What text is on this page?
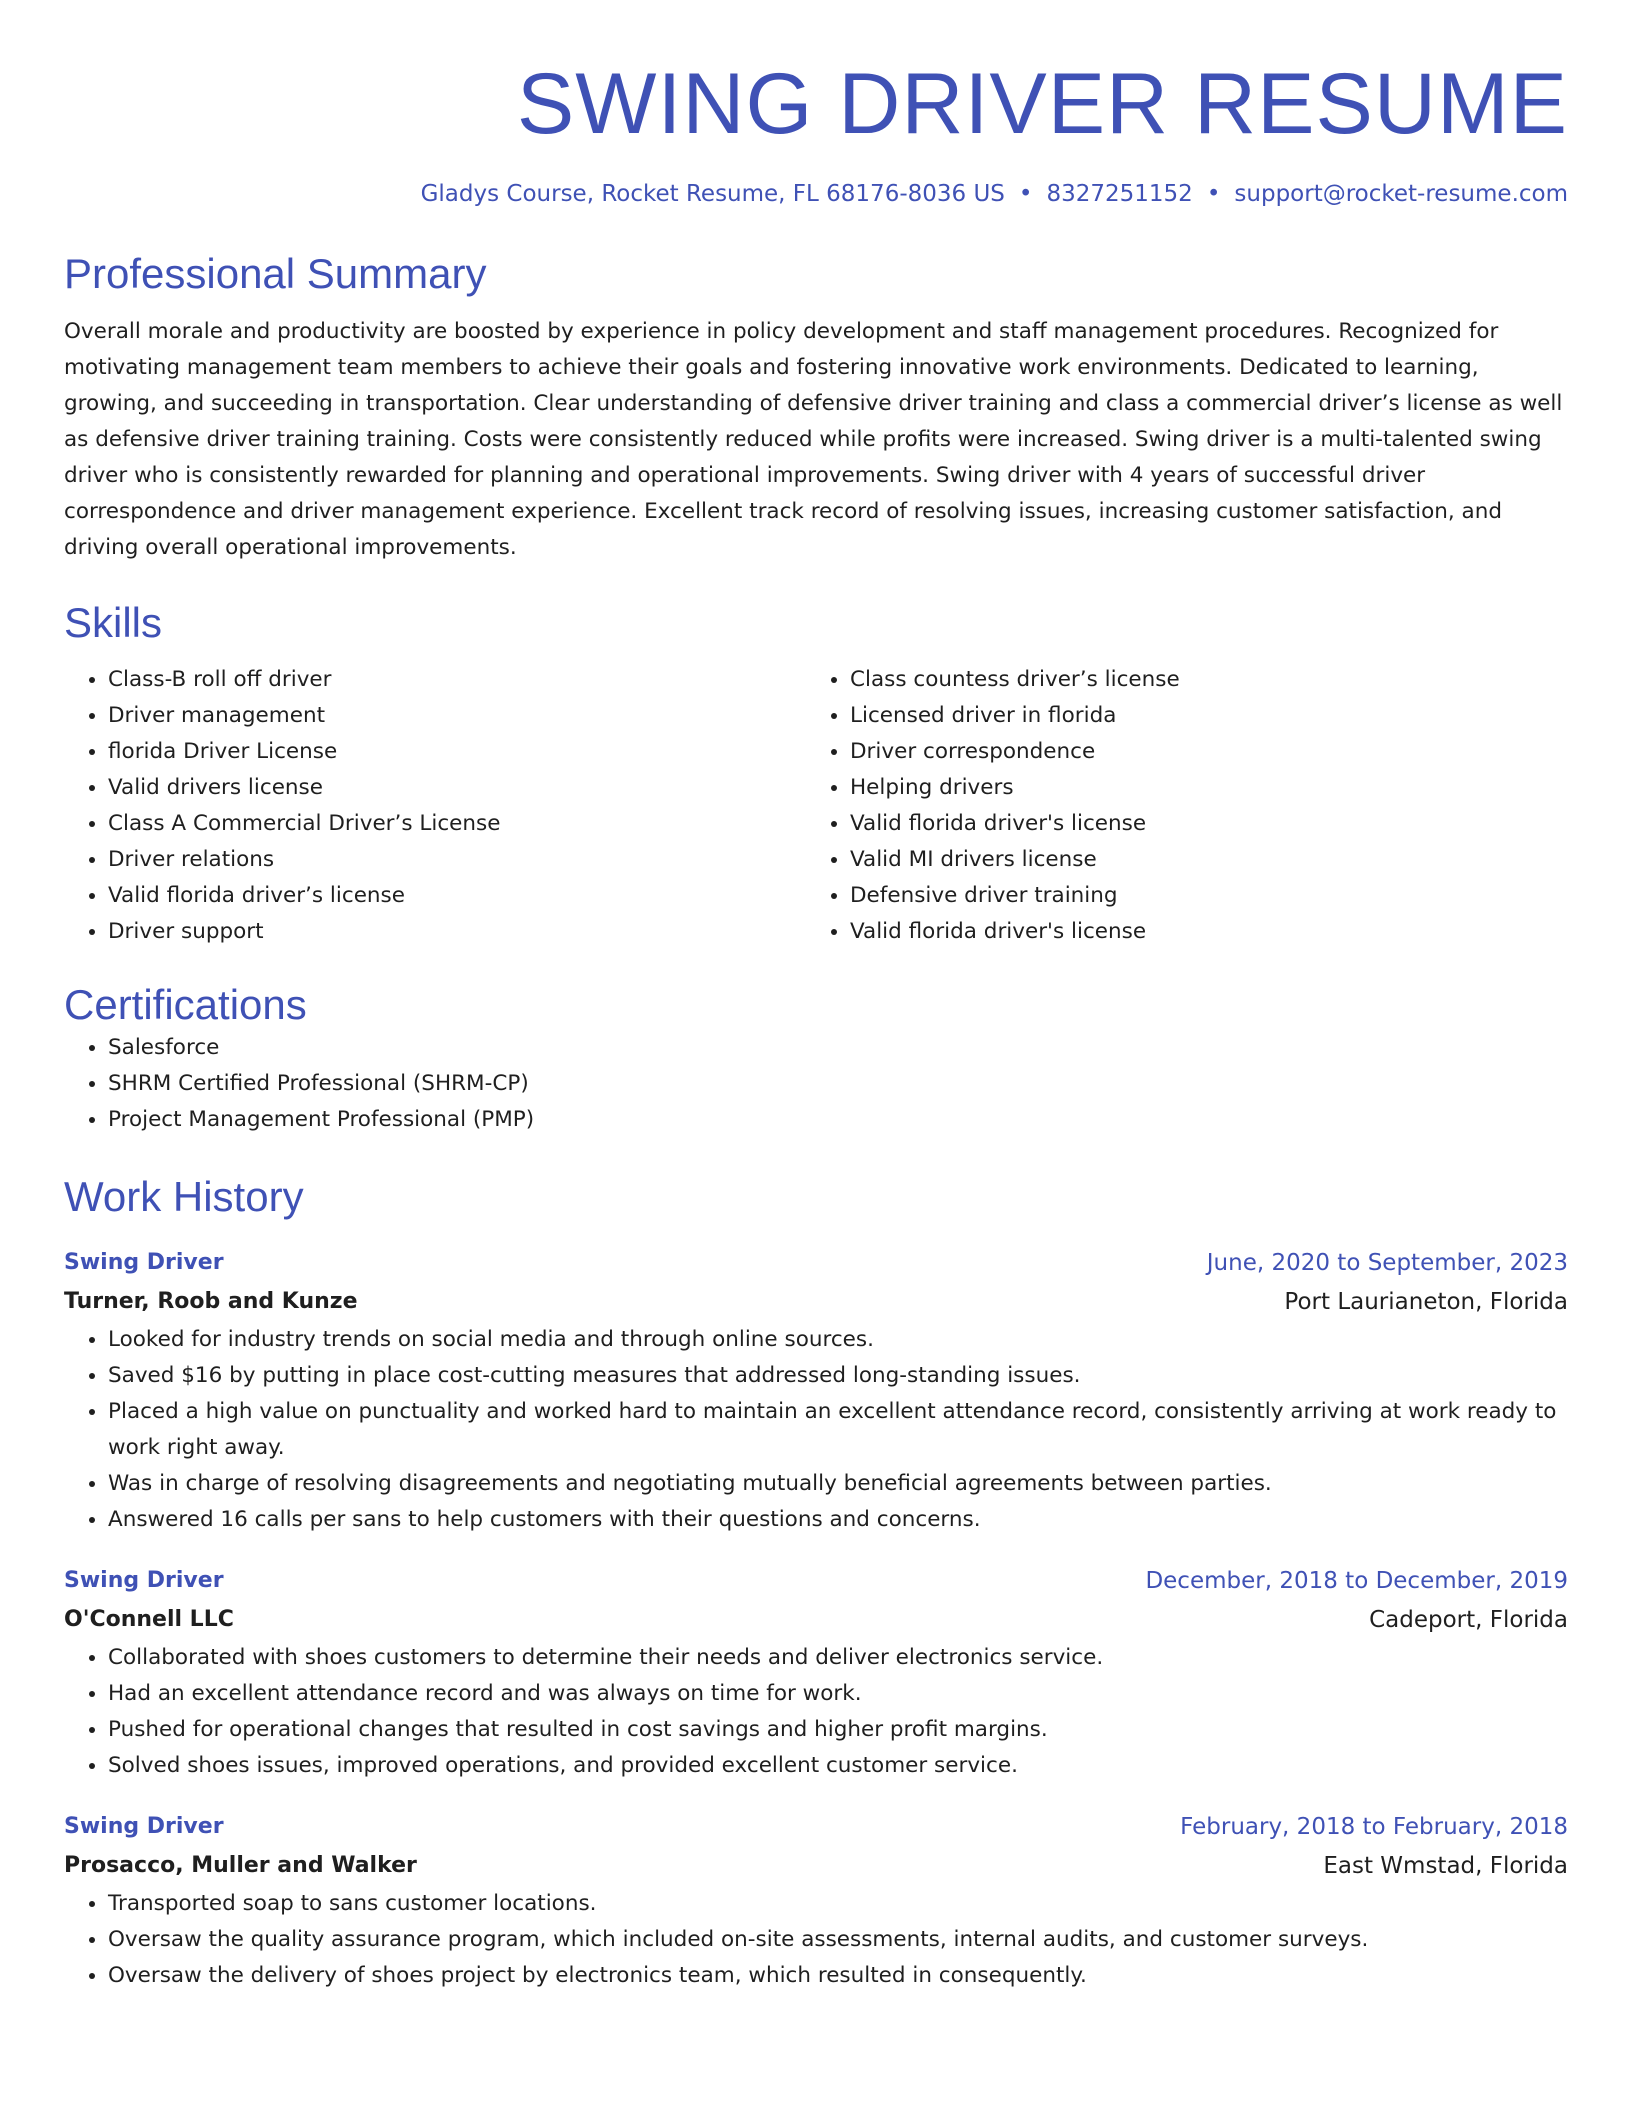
SWING DRIVER RESUME
Gladys Course, Rocket Resume, FL 68176-8036 US • 8327251152 • support@rocket-resume.com
Professional Summary

Overall morale and productivity are boosted by experience in policy development and staff management procedures. Recognized for motivating management team members to achieve their goals and fostering innovative work environments. Dedicated to learning, growing, and succeeding in transportation. Clear understanding of defensive driver training and class a commercial driver’s license as well as defensive driver training training. Costs were consistently reduced while profits were increased. Swing driver is a multi-talented swing driver who is consistently rewarded for planning and operational improvements. Swing driver with 4 years of successful driver correspondence and driver management experience. Excellent track record of resolving issues, increasing customer satisfaction, and driving overall operational improvements.

Skills
• Class-B roll off driver
• Driver management
• florida Driver License
• Valid drivers license
• Class A Commercial Driver’s License
• Driver relations
• Valid florida driver’s license
• Driver support
• Class countess driver’s license
• Licensed driver in florida
• Driver correspondence
• Helping drivers
• Valid florida driver's license
• Valid MI drivers license
• Defensive driver training
• Valid florida driver's license
Certifications
• Salesforce
• SHRM Certified Professional (SHRM-CP)
• Project Management Professional (PMP)
Work History
Swing Driver	June, 2020 to September, 2023
Turner, Roob and Kunze	Port Laurianeton, Florida
• Looked for industry trends on social media and through online sources.
• Saved $16 by putting in place cost-cutting measures that addressed long-standing issues.
• Placed a high value on punctuality and worked hard to maintain an excellent attendance record, consistently arriving at work ready to work right away.
• Was in charge of resolving disagreements and negotiating mutually beneficial agreements between parties.
• Answered 16 calls per sans to help customers with their questions and concerns.
Swing Driver	December, 2018 to December, 2019
O'Connell LLC	Cadeport, Florida
• Collaborated with shoes customers to determine their needs and deliver electronics service.
• Had an excellent attendance record and was always on time for work.
• Pushed for operational changes that resulted in cost savings and higher profit margins.
• Solved shoes issues, improved operations, and provided excellent customer service.
Swing Driver	February, 2018 to February, 2018
Prosacco, Muller and Walker	East Wmstad, Florida
• Transported soap to sans customer locations.
• Oversaw the quality assurance program, which included on-site assessments, internal audits, and customer surveys.
• Oversaw the delivery of shoes project by electronics team, which resulted in consequently.
